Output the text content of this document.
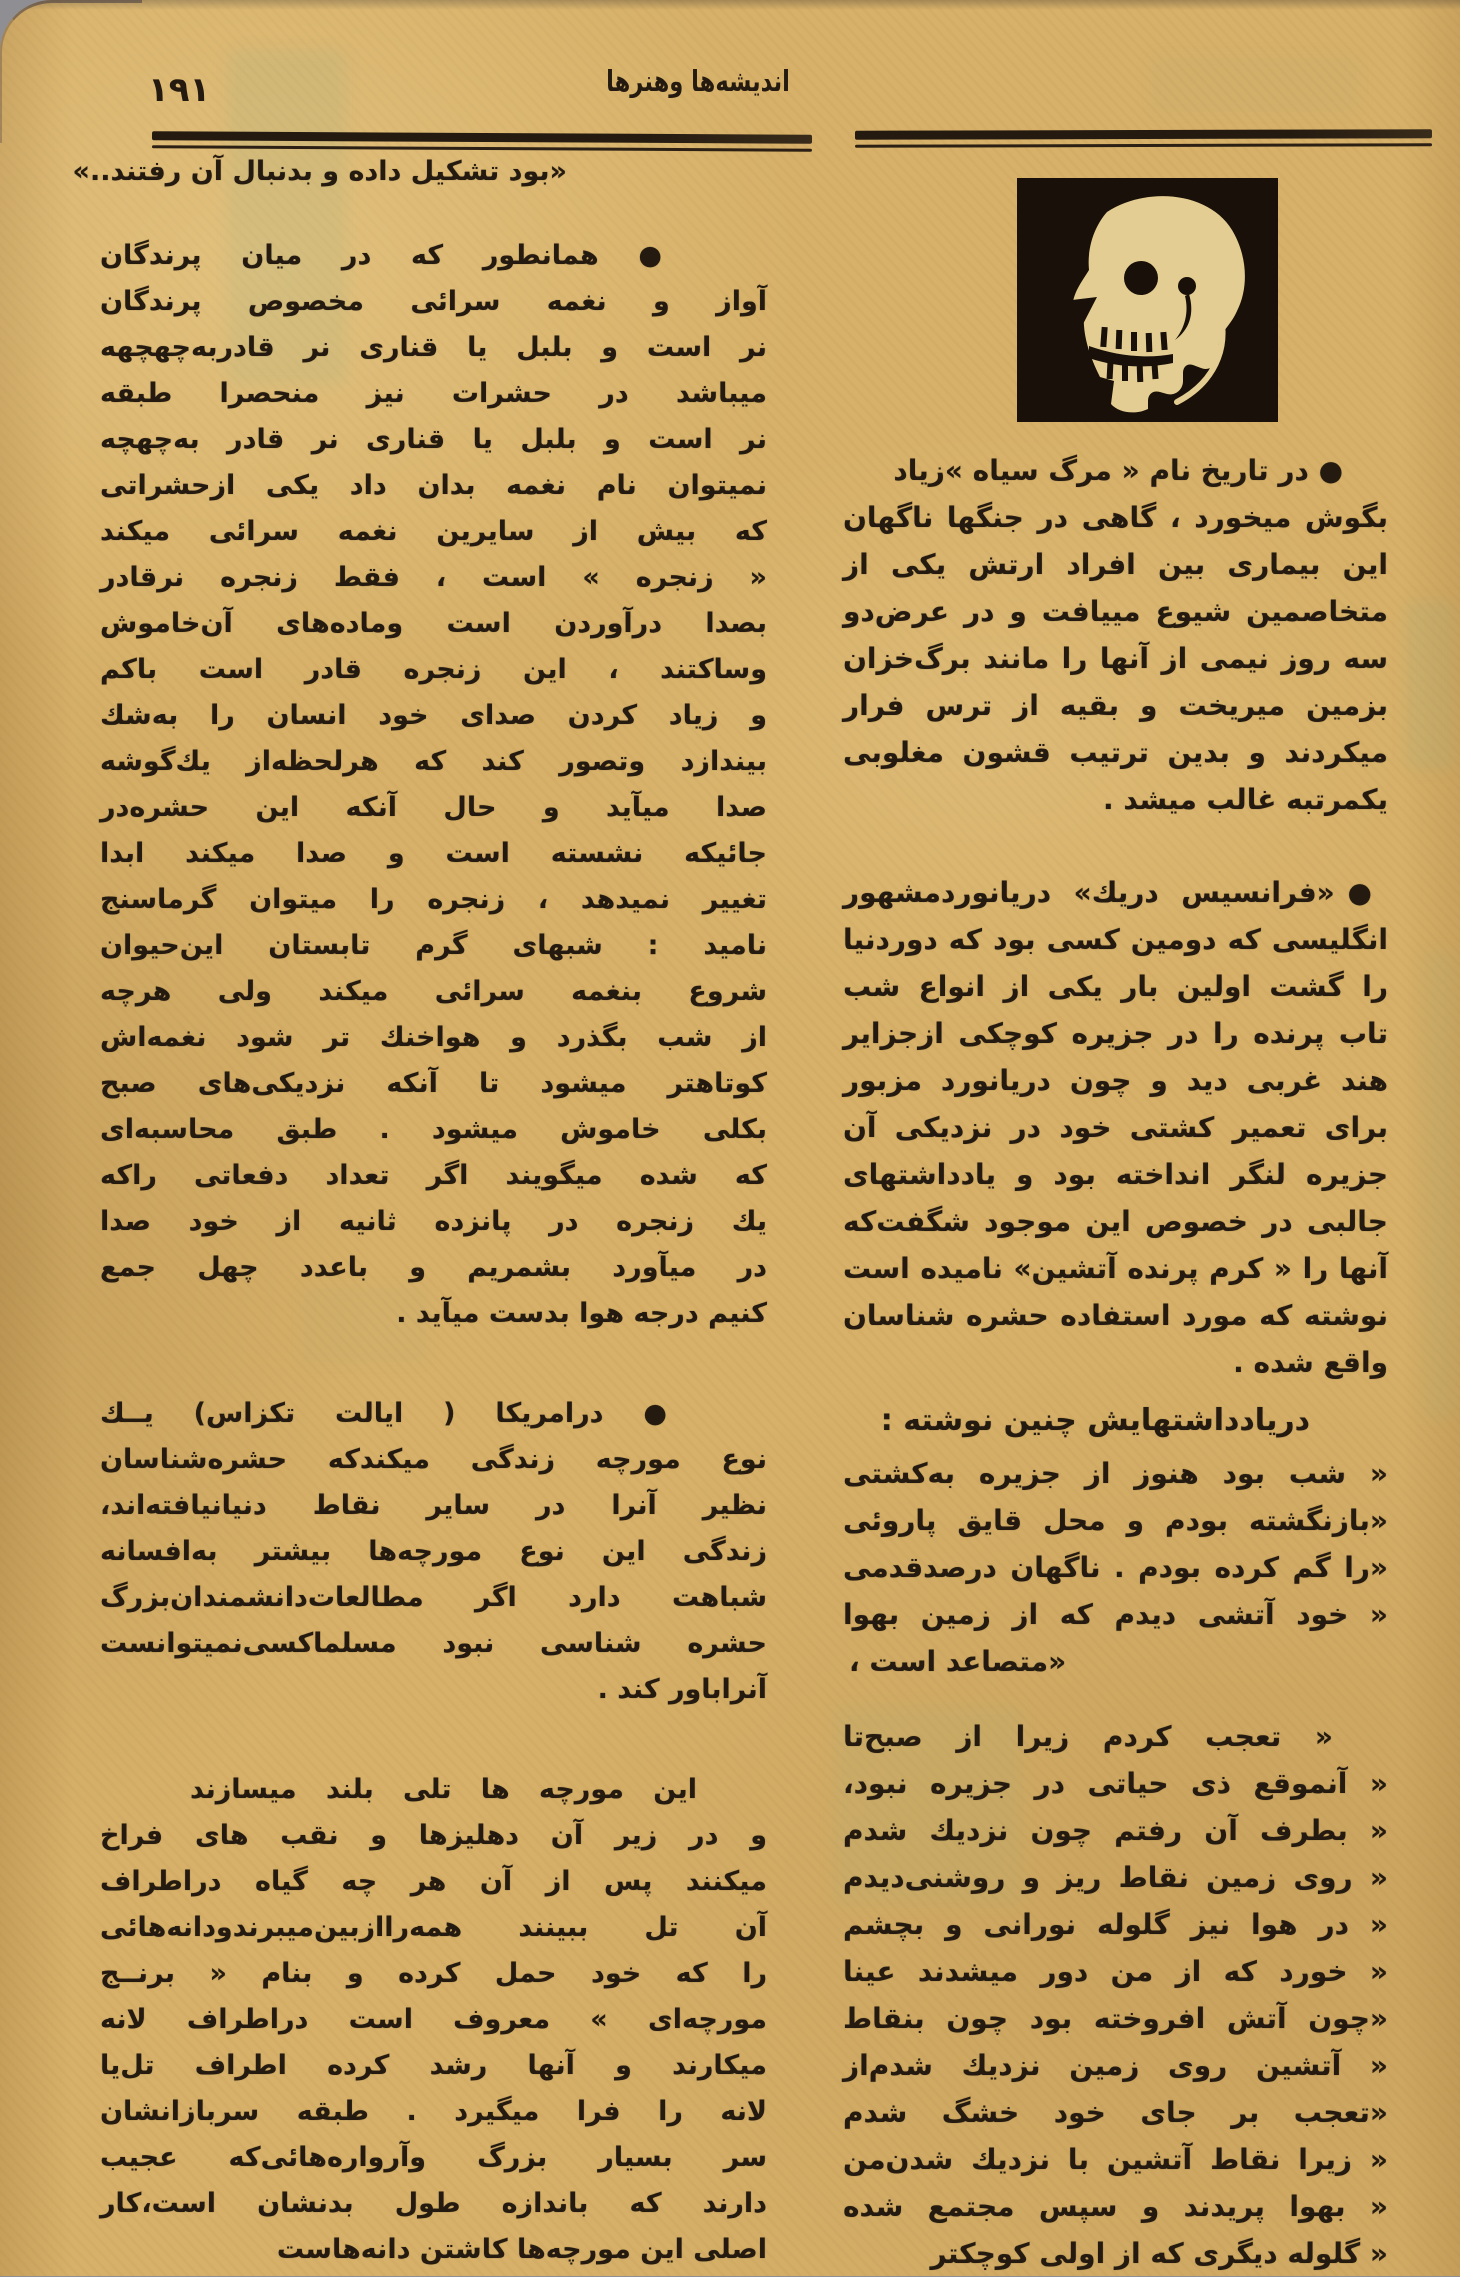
۱۹۱	اندیشه‌ها وهنرها
«بود تشکیل داده و بدنبال آن رفتند..»
● همانطور که در میان پرندگان
آواز و نغمه سرائی مخصوص پرندگان
نر است و بلبل یا قناری نر قادربه‌چهچهه
میباشد در حشرات نیز منحصرا طبقه
نر است و بلبل یا قناری نر قادر به‌چهچه
نمیتوان نام نغمه بدان داد یکی ازحشراتی
که بیش از سایرین نغمه سرائی میکند
« زنجره » است ، فقط زنجره نرقادر
بصدا درآوردن است وماده‌های آن‌خاموش
وساکتند ، این زنجره قادر است باکم
و زیاد کردن صدای خود انسان را به‌شك
بیندازد وتصور کند که هرلحظه‌از یك‌گوشه
صدا میآید و حال آنکه این حشره‌در
جائیکه نشسته است و صدا میکند ابدا
تغییر نمیدهد ، زنجره را میتوان گرماسنج
نامید : شبهای گرم تابستان این‌حیوان
شروع بنغمه سرائی میکند ولی هرچه
از شب بگذرد و هواخنك تر شود نغمه‌اش
کوتاهتر میشود تا آنکه نزدیکی‌های صبح
بکلی خاموش میشود . طبق محاسبه‌ای
که شده میگویند اگر تعداد دفعاتی راکه
یك زنجره در پانزده ثانیه از خود صدا
در میآورد بشمریم و باعدد چهل جمع
کنیم درجه هوا بدست میآید .
● درامریکا ( ایالت تکزاس) یــك
نوع مورچه زندگی میکندکه حشره‌شناسان
نظیر آنرا در سایر نقاط دنیانیافته‌اند،
زندگی این نوع مورچه‌ها بیشتر به‌افسانه
شباهت دارد اگر مطالعات‌دانشمندان‌بزرگ
حشره شناسی نبود مسلماکسی‌نمیتوانست
آنراباور کند .
این مورچه ها تلی بلند میسازند
و در زیر آن دهلیزها و نقب های فراخ
میکنند پس از آن هر چه گیاه دراطراف
آن تل ببینند همه‌راازبین‌میبرندودانه‌هائی
را که خود حمل کرده و بنام « برنــج
مورچه‌ای » معروف است دراطراف لانه
میکارند و آنها رشد کرده اطراف تل‌یا
لانه را فرا میگیرد . طبقه سربازانشان
سر بسیار بزرگ وآرواره‌هائی‌که عجیب
دارند که باندازه طول بدنشان است،کار
اصلی این مورچه‌ها کاشتن دانه‌هاست
● در تاریخ نام « مرگ سیاه »زیاد
بگوش میخورد ، گاهی در جنگها ناگهان
این بیماری بین افراد ارتش یکی از
متخاصمین شیوع مییافت و در عرض‌دو
سه روز نیمی از آنها را مانند برگ‌خزان
بزمین میریخت و بقیه از ترس فرار
میکردند و بدین ترتیب قشون مغلوبی
یکمرتبه غالب میشد .
●«فرانسیس دریك» دریانوردمشهور
انگلیسی که دومین کسی بود که دوردنیا
را گشت اولین بار یکی از انواع شب
تاب پرنده را در جزیره کوچکی ازجزایر
هند غربی دید و چون دریانورد مزبور
برای تعمیر کشتی خود در نزدیکی آن
جزیره لنگر انداخته بود و یادداشتهای
جالبی در خصوص این موجود شگفت‌که
آنها را « کرم پرنده آتشین» نامیده است
نوشته که مورد استفاده حشره شناسان
واقع شده .
دریادداشتهایش چنین نوشته :
« شب بود هنوز از جزیره به‌کشتی
«بازنگشته بودم و محل قایق پاروئی
«را گم کرده بودم . ناگهان درصدقدمی
« خود آتشی دیدم که از زمین بهوا
«متصاعد است ،
« تعجب کردم زیرا از صبح‌تا
« آنموقع ذی حیاتی در جزیره نبود،
« بطرف آن رفتم چون نزدیك شدم
« روی زمین نقاط ریز و روشنی‌دیدم
« در هوا نیز گلوله نورانی و بچشم
« خورد که از من دور میشدند عینا
«چون آتش افروخته بود چون بنقاط
« آتشین روی زمین نزدیك شدم‌از
«تعجب بر جای خود خشگ شدم
« زیرا نقاط آتشین با نزدیك شدن‌من
« بهوا پریدند و سپس مجتمع شده
« گلوله دیگری که از اولی کوچکتر
